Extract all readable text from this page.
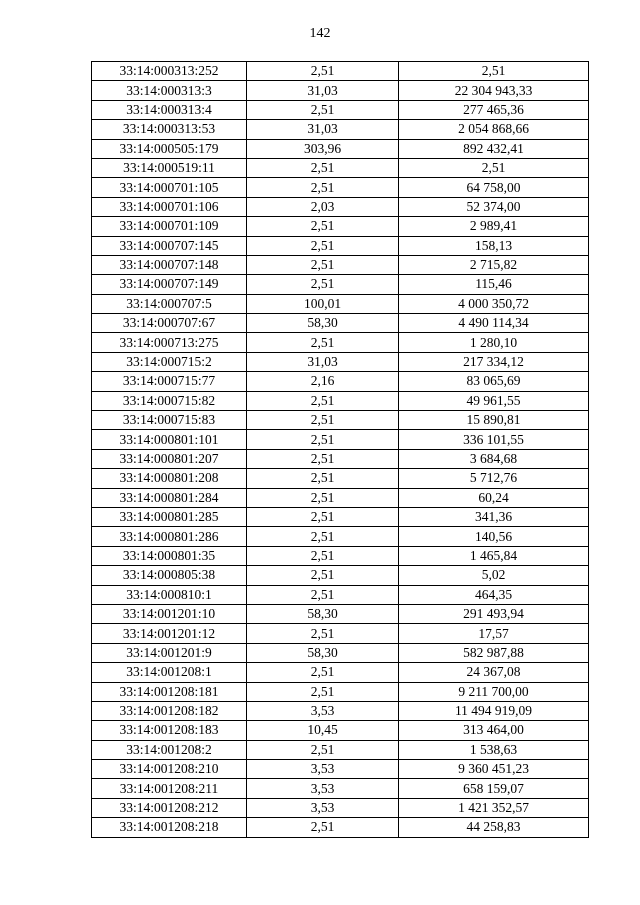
142
33:14:000313:252	2,51	2,51
33:14:000313:3	31,03	22 304 943,33
33:14:000313:4	2,51	277 465,36
33:14:000313:53	31,03	2 054 868,66
33:14:000505:179	303,96	892 432,41
33:14:000519:11	2,51	2,51
33:14:000701:105	2,51	64 758,00
33:14:000701:106	2,03	52 374,00
33:14:000701:109	2,51	2 989,41
33:14:000707:145	2,51	158,13
33:14:000707:148	2,51	2 715,82
33:14:000707:149	2,51	115,46
33:14:000707:5	100,01	4 000 350,72
33:14:000707:67	58,30	4 490 114,34
33:14:000713:275	2,51	1 280,10
33:14:000715:2	31,03	217 334,12
33:14:000715:77	2,16	83 065,69
33:14:000715:82	2,51	49 961,55
33:14:000715:83	2,51	15 890,81
33:14:000801:101	2,51	336 101,55
33:14:000801:207	2,51	3 684,68
33:14:000801:208	2,51	5 712,76
33:14:000801:284	2,51	60,24
33:14:000801:285	2,51	341,36
33:14:000801:286	2,51	140,56
33:14:000801:35	2,51	1 465,84
33:14:000805:38	2,51	5,02
33:14:000810:1	2,51	464,35
33:14:001201:10	58,30	291 493,94
33:14:001201:12	2,51	17,57
33:14:001201:9	58,30	582 987,88
33:14:001208:1	2,51	24 367,08
33:14:001208:181	2,51	9 211 700,00
33:14:001208:182	3,53	11 494 919,09
33:14:001208:183	10,45	313 464,00
33:14:001208:2	2,51	1 538,63
33:14:001208:210	3,53	9 360 451,23
33:14:001208:211	3,53	658 159,07
33:14:001208:212	3,53	1 421 352,57
33:14:001208:218	2,51	44 258,83
